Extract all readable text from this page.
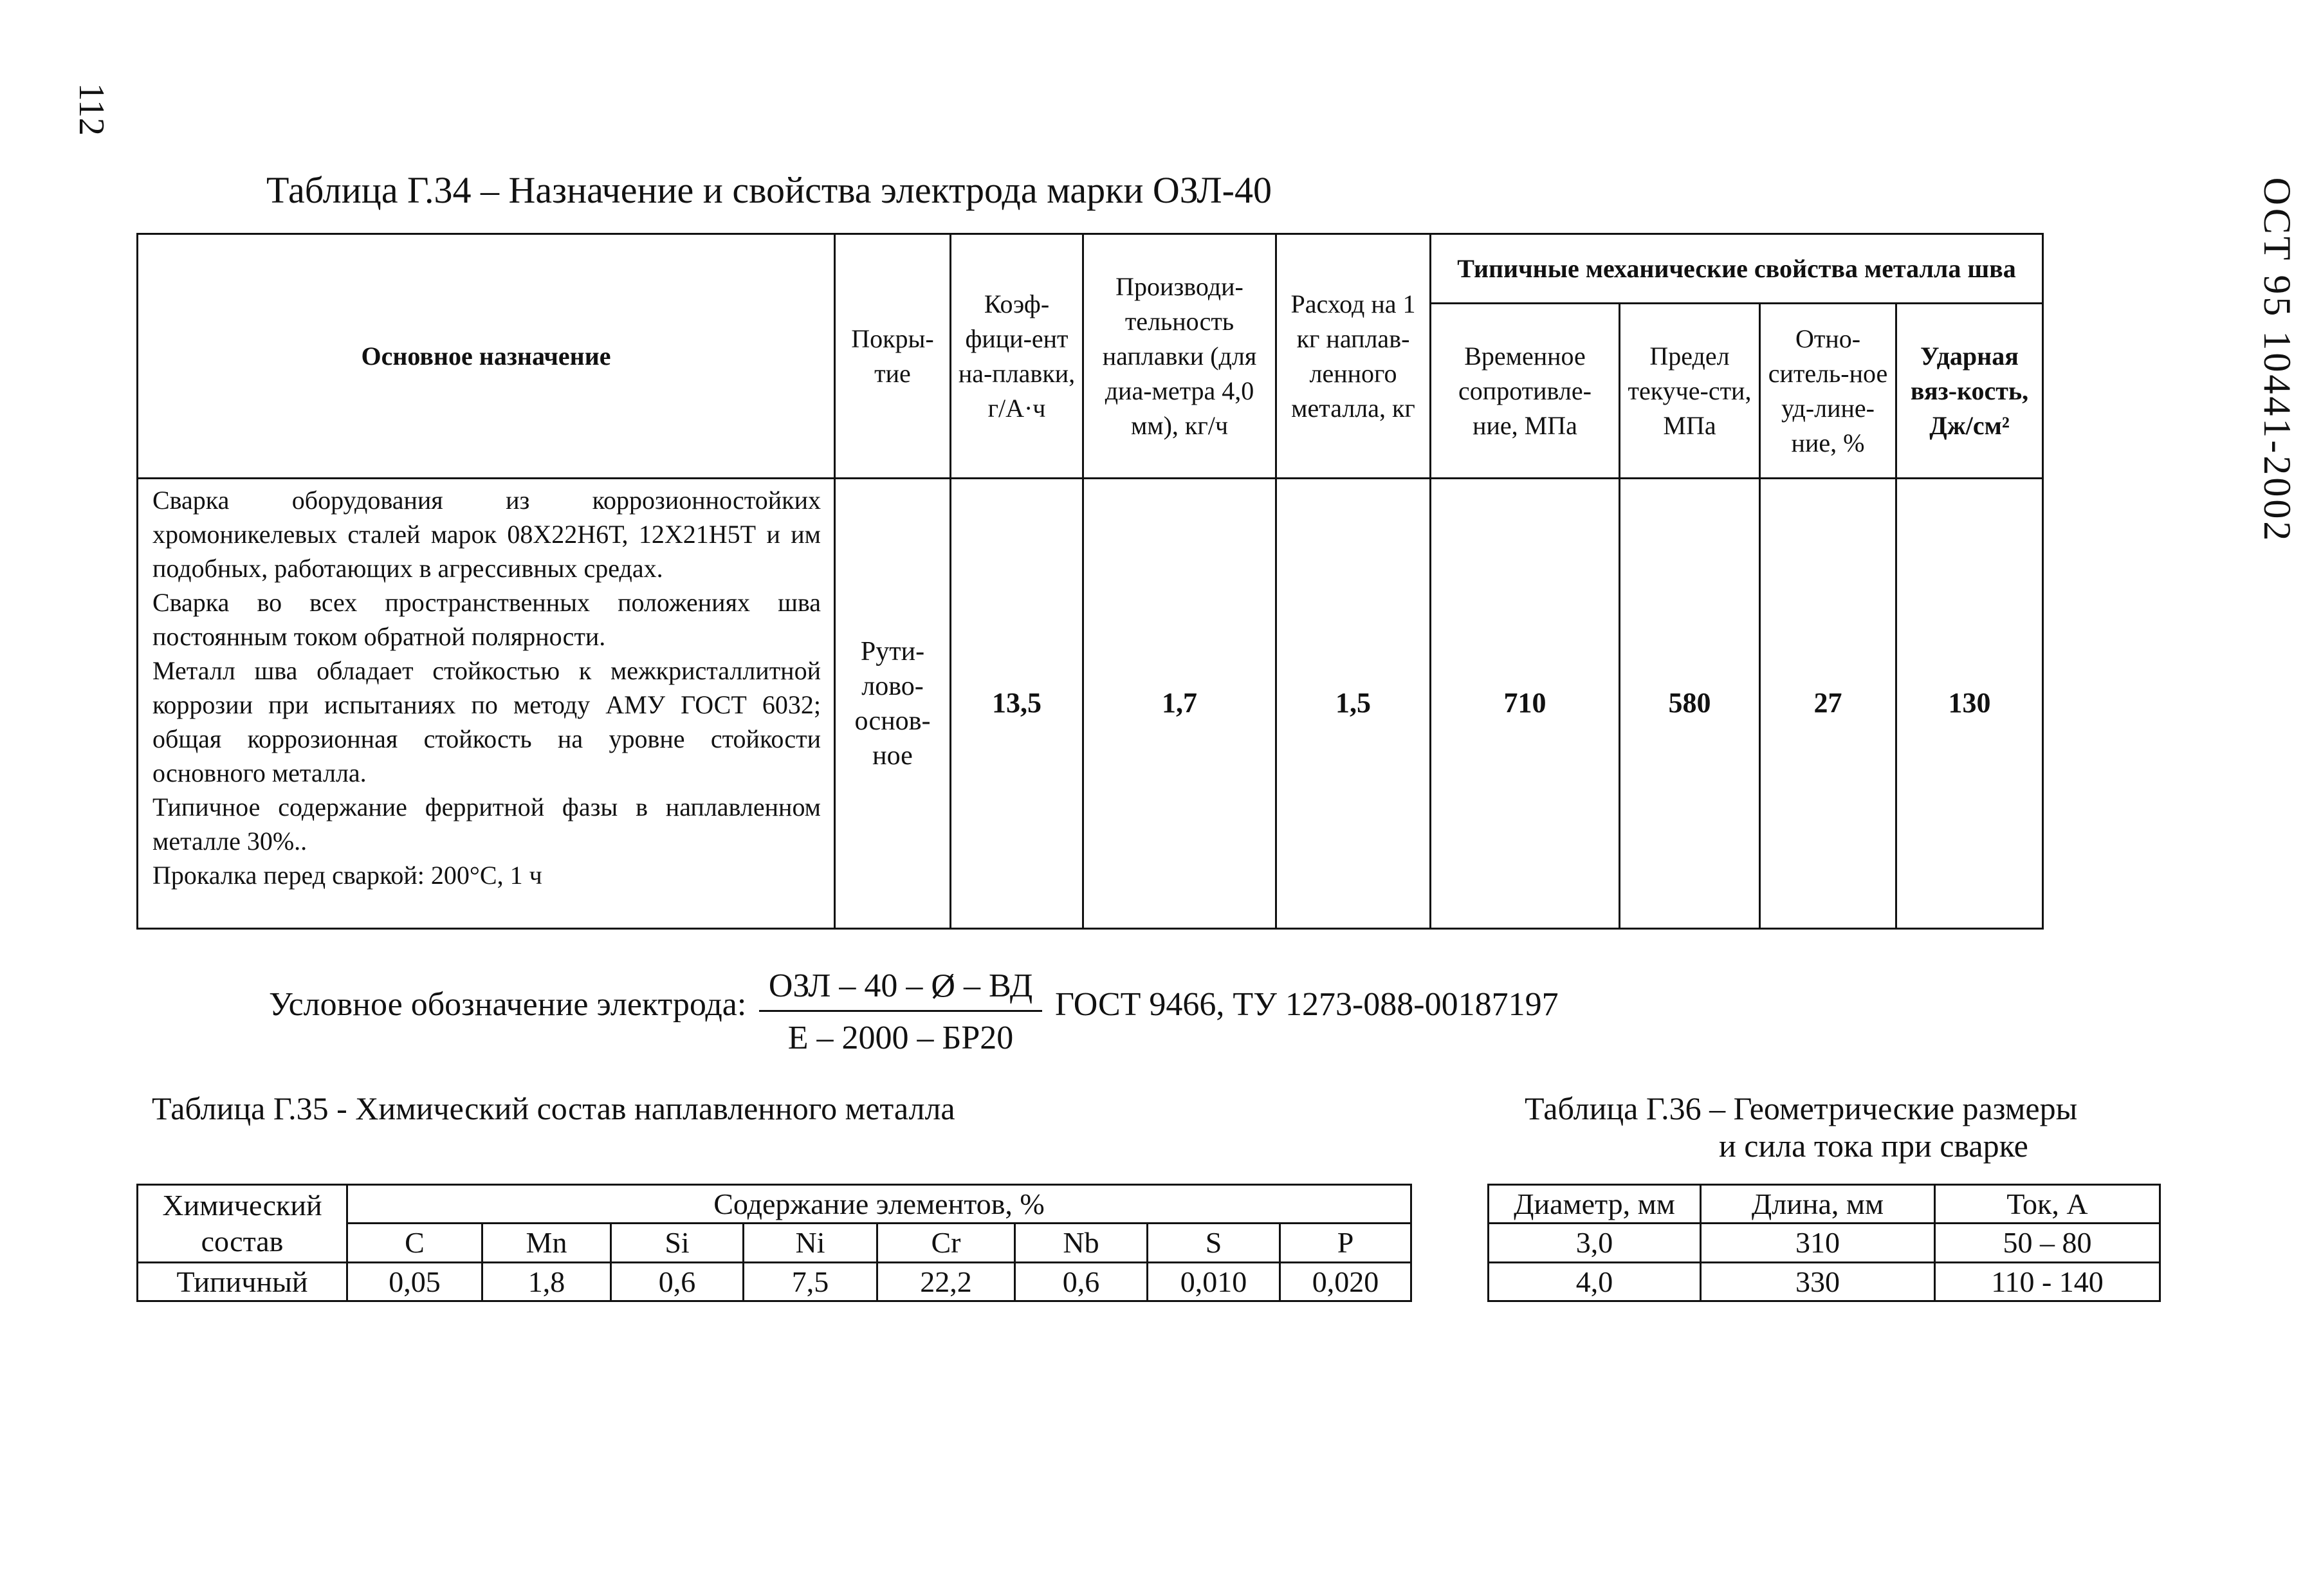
112
ОСТ 95 10441-2002
Таблица Г.34 – Назначение и свойства электрода марки ОЗЛ-40
Основное назначение	Покры-тие	Коэф-фици-ент на-плавки, г/А·ч	Производи-тельность наплавки (для диа-метра 4,0 мм), кг/ч	Расход на 1 кг наплав-ленного металла, кг	Типичные механические свойства металла шва			
					Временное сопротивле-ние, МПа	Предел текуче-сти, МПа	Отно-ситель-ное уд-лине-ние, %	Ударная вяз-кость, Дж/см²

Сварка оборудования из коррозионностойких хромоникелевых сталей марок 08Х22Н6Т, 12Х21Н5Т и им подобных, работающих в агрессивных средах.

Сварка во всех пространственных положениях шва постоянным током обратной полярности.

Металл шва обладает стойкостью к межкристаллитной коррозии при испытаниях по методу АМУ ГОСТ 6032; общая коррозионная стойкость на уровне стойкости основного металла.

Типичное содержание ферритной фазы в наплавленном металле 30%..

Прокалка перед сваркой: 200°С, 1 ч	Рути-лово-основ-ное	13,5	1,7	1,5	710	580	27	130
Условное обозначение электрода:
ОЗЛ – 40 – Ø – ВД
Е – 2000 – БР20
ГОСТ 9466, ТУ 1273-088-00187197
Таблица Г.35 - Химический состав наплавленного металла
Химический состав	Содержание элементов, %							
	C	Mn	Si	Ni	Cr	Nb	S	P
Типичный	0,05	1,8	0,6	7,5	22,2	0,6	0,010	0,020
Таблица Г.36 – Геометрические размеры
и сила тока при сварке
Диаметр, мм	Длина, мм	Ток, А
3,0	310	50 – 80
4,0	330	110 - 140
